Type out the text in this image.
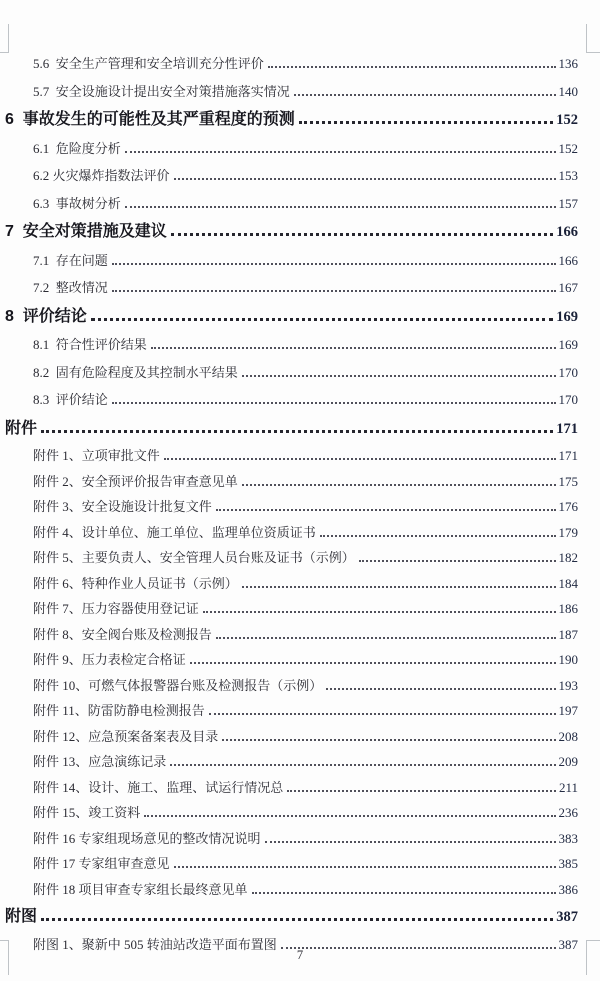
5.6  安全生产管理和安全培训充分性评价	136
5.7  安全设施设计提出安全对策措施落实情况	140
6  事故发生的可能性及其严重程度的预测	152
6.1  危险度分析	152
6.2 火灾爆炸指数法评价	153
6.3  事故树分析	157
7  安全对策措施及建议	166
7.1  存在问题	166
7.2  整改情况	167
8  评价结论	169
8.1  符合性评价结果	169
8.2  固有危险程度及其控制水平结果	170
8.3  评价结论	170
附件	171
附件 1、立项审批文件	171
附件 2、安全预评价报告审查意见单	175
附件 3、安全设施设计批复文件	176
附件 4、设计单位、施工单位、监理单位资质证书	179
附件 5、主要负责人、安全管理人员台账及证书（示例）	182
附件 6、特种作业人员证书（示例）	184
附件 7、压力容器使用登记证	186
附件 8、安全阀台账及检测报告	187
附件 9、压力表检定合格证	190
附件 10、可燃气体报警器台账及检测报告（示例）	193
附件 11、防雷防静电检测报告	197
附件 12、应急预案备案表及目录	208
附件 13、应急演练记录	209
附件 14、设计、施工、监理、试运行情况总	211
附件 15、竣工资料	236
附件 16 专家组现场意见的整改情况说明	383
附件 17 专家组审查意见	385
附件 18 项目审查专家组长最终意见单	386
附图	387
附图 1、聚新中 505 转油站改造平面布置图	387
7
